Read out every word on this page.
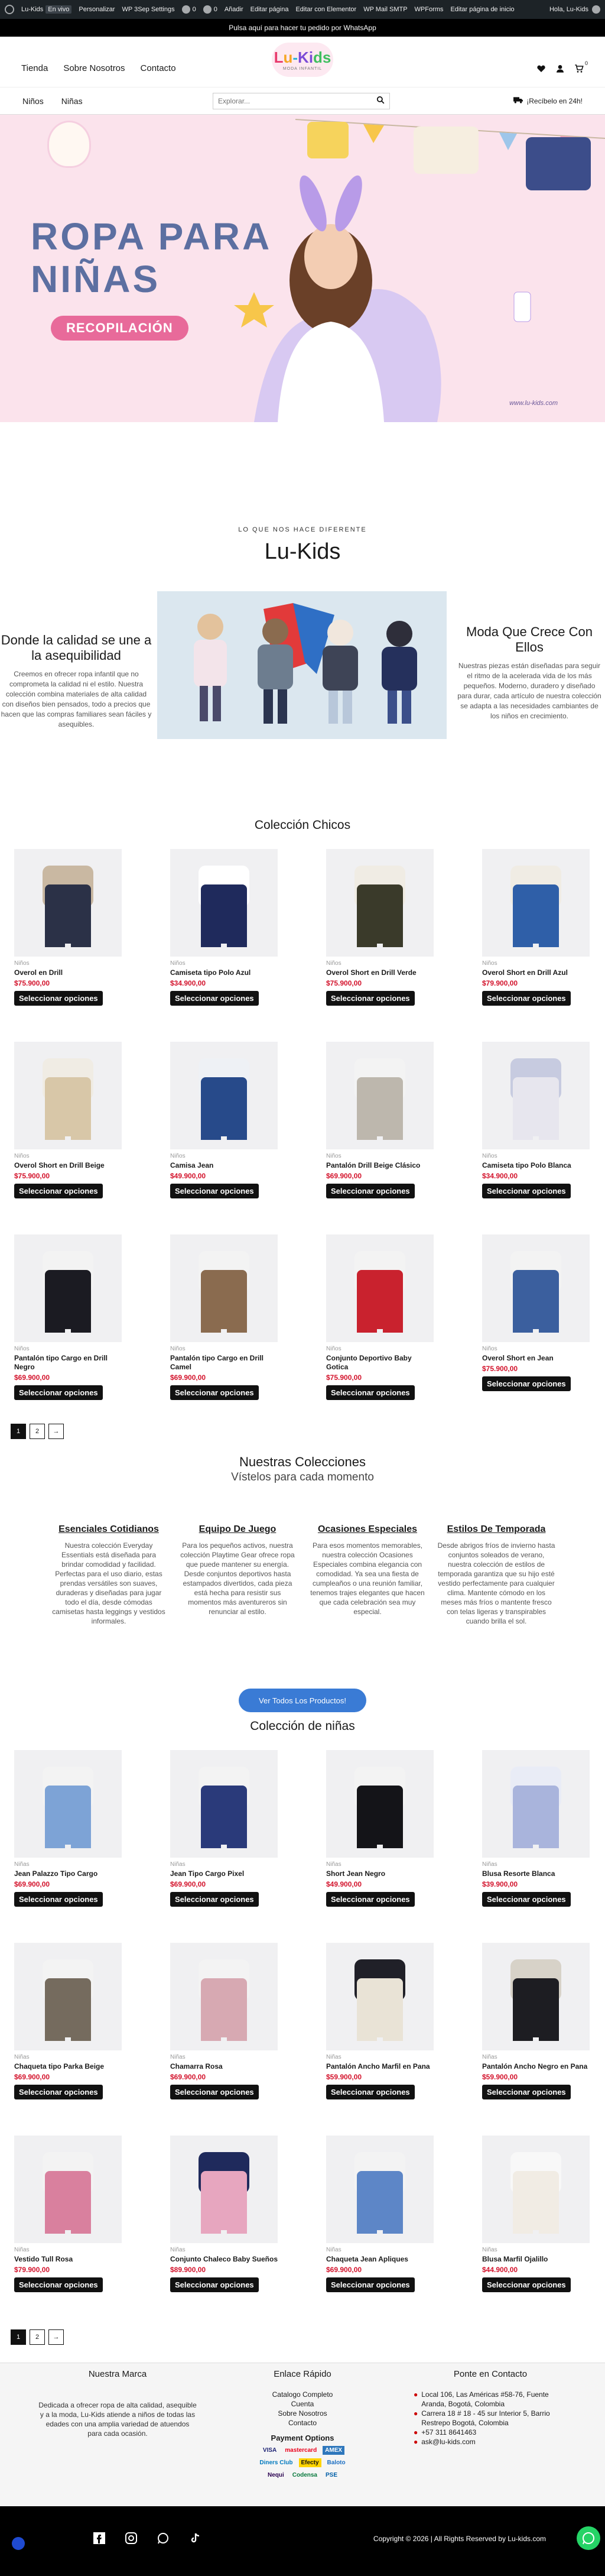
Lu-Kids En vivo	Personalizar WP 3Sep Settings	0	0 Añadir Editar página Editar con Elementor WP Mail SMTP WPForms Editar página de inicio	Hola, Lu-Kids
Pulsa aquí para hacer tu pedido por WhatsApp
Tienda Sobre Nosotros Contacto
Lu-Kids
MODA INFANTIL
0
Niños Niñas
Explorar...	¡Recíbelo en 24h!
ROPA PARA
NIÑAS
RECOPILACIÓN
www.lu-kids.com
LO QUE NOS HACE DIFERENTE
Lu-Kids
Donde la calidad se une a la asequibilidad

Creemos en ofrecer ropa infantil que no comprometa la calidad ni el estilo. Nuestra colección combina materiales de alta calidad con diseños bien pensados, todo a precios que hacen que las compras familiares sean fáciles y asequibles.

Moda Que Crece Con Ellos

Nuestras piezas están diseñadas para seguir el ritmo de la acelerada vida de los más pequeños. Moderno, duradero y diseñado para durar, cada artículo de nuestra colección se adapta a las necesidades cambiantes de los niños en crecimiento.

Colección Chicos
Niños
Overol en Drill
$75.900,00
Seleccionar opciones
Niños
Camiseta tipo Polo Azul
$34.900,00
Seleccionar opciones
Niños
Overol Short en Drill Verde
$75.900,00
Seleccionar opciones
Niños
Overol Short en Drill Azul
$79.900,00
Seleccionar opciones
Niños
Overol Short en Drill Beige
$75.900,00
Seleccionar opciones
Niños
Camisa Jean
$49.900,00
Seleccionar opciones
Niños
Pantalón Drill Beige Clásico
$69.900,00
Seleccionar opciones
Niños
Camiseta tipo Polo Blanca
$34.900,00
Seleccionar opciones
Niños
Pantalón tipo Cargo en Drill Negro
$69.900,00
Seleccionar opciones
Niños
Pantalón tipo Cargo en Drill Camel
$69.900,00
Seleccionar opciones
Niños
Conjunto Deportivo Baby Gotica
$75.900,00
Seleccionar opciones
Niños
Overol Short en Jean
$75.900,00
Seleccionar opciones
1	2	→
Nuestras Colecciones

Vístelos para cada momento

Esenciales Cotidianos

Nuestra colección Everyday Essentials está diseñada para brindar comodidad y facilidad. Perfectas para el uso diario, estas prendas versátiles son suaves, duraderas y diseñadas para jugar todo el día, desde cómodas camisetas hasta leggings y vestidos informales.

Equipo De Juego

Para los pequeños activos, nuestra colección Playtime Gear ofrece ropa que puede mantener su energía. Desde conjuntos deportivos hasta estampados divertidos, cada pieza está hecha para resistir sus momentos más aventureros sin renunciar al estilo.

Ocasiones Especiales

Para esos momentos memorables, nuestra colección Ocasiones Especiales combina elegancia con comodidad. Ya sea una fiesta de cumpleaños o una reunión familiar, tenemos trajes elegantes que hacen que cada celebración sea muy especial.

Estilos De Temporada

Desde abrigos fríos de invierno hasta conjuntos soleados de verano, nuestra colección de estilos de temporada garantiza que su hijo esté vestido perfectamente para cualquier clima. Mantente cómodo en los meses más fríos o mantente fresco con telas ligeras y transpirables cuando brilla el sol.

Ver Todos Los Productos!
Colección de niñas
Niñas
Jean Palazzo Tipo Cargo
$69.900,00
Seleccionar opciones
Niñas
Jean Tipo Cargo Pixel
$69.900,00
Seleccionar opciones
Niñas
Short Jean Negro
$49.900,00
Seleccionar opciones
Niñas
Blusa Resorte Blanca
$39.900,00
Seleccionar opciones
Niñas
Chaqueta tipo Parka Beige
$69.900,00
Seleccionar opciones
Niñas
Chamarra Rosa
$69.900,00
Seleccionar opciones
Niñas
Pantalón Ancho Marfil en Pana
$59.900,00
Seleccionar opciones
Niñas
Pantalón Ancho Negro en Pana
$59.900,00
Seleccionar opciones
Niñas
Vestido Tull Rosa
$79.900,00
Seleccionar opciones
Niñas
Conjunto Chaleco Baby Sueños
$89.900,00
Seleccionar opciones
Niñas
Chaqueta Jean Apliques
$69.900,00
Seleccionar opciones
Niñas
Blusa Marfil Ojalillo
$44.900,00
Seleccionar opciones
1	2	→
Nuestra Marca

Dedicada a ofrecer ropa de alta calidad, asequible y a la moda, Lu-Kids atiende a niños de todas las edades con una amplia variedad de atuendos para cada ocasión.

Enlace Rápido
Catalogo Completo
Cuenta
Sobre Nosotros
Contacto
Payment Options
VISA	mastercard	AMEX
Diners Club	Efecty	Baloto
Nequi	Codensa	PSE
Ponte en Contacto
● Local 106, Las Américas #58-76, Fuente Aranda, Bogotá, Colombia
● Carrera 18 # 18 - 45 sur Interior 5, Barrio Restrepo Bogotá, Colombia
● +57 311 8641463
● ask@lu-kids.com
Copyright © 2026 | All Rights Reserved by Lu-kids.com
